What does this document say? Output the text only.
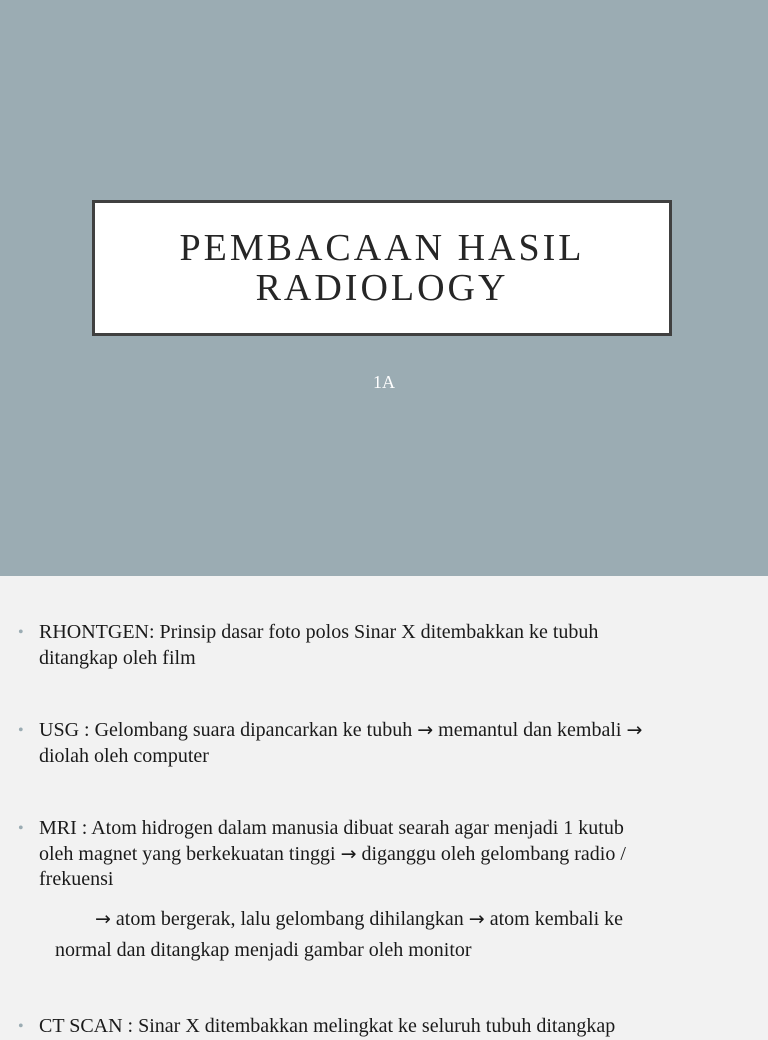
PEMBACAAN HASIL
RADIOLOGY
1A
• RHONTGEN: Prinsip dasar foto polos Sinar X ditembakkan ke tubuh
ditangkap oleh film
• USG : Gelombang suara dipancarkan ke tubuh → memantul dan kembali →
diolah oleh computer
• MRI : Atom hidrogen dalam manusia dibuat searah agar menjadi 1 kutub
oleh magnet yang berkekuatan tinggi → diganggu oleh gelombang radio /
frekuensi
→ atom bergerak, lalu gelombang dihilangkan → atom kembali ke
normal dan ditangkap menjadi gambar oleh monitor
• CT SCAN : Sinar X ditembakkan melingkat ke seluruh tubuh ditangkap
